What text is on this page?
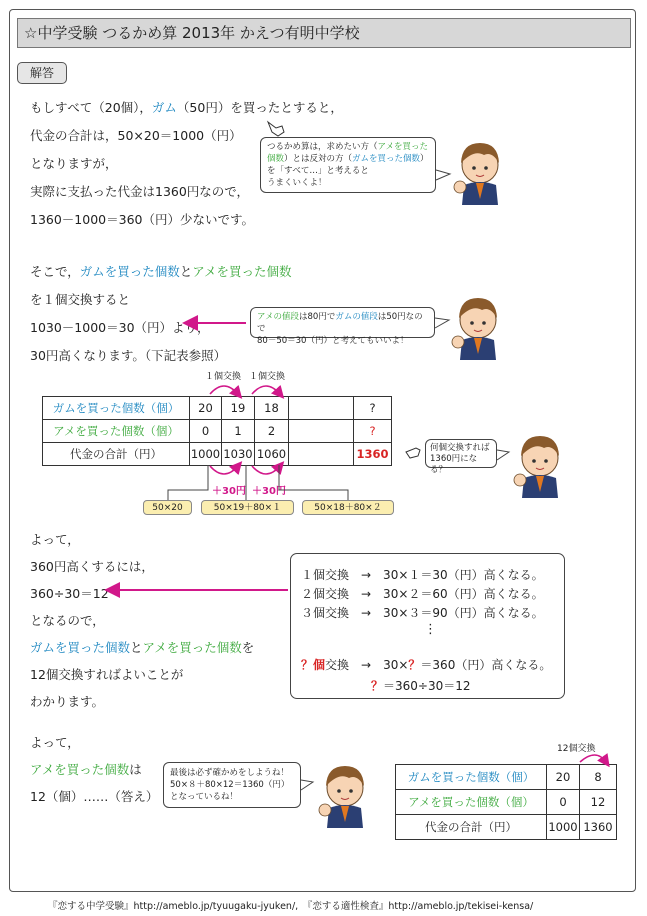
☆中学受験 つるかめ算 2013年 かえつ有明中学校
解答
もしすべて（20個），ガム（50円）を買ったとすると，
代金の合計は，50×20＝1000（円）
となりますが，
実際に支払った代金は1360円なので，
1360－1000＝360（円）少ないです。
つるかめ算は，求めたい方（アメを買った
個数）とは反対の方（ガムを買った個数）
を「すべて…」と考えると
うまくいくよ！
そこで，ガムを買った個数とアメを買った個数
を１個交換すると
1030－1000＝30（円）より，
30円高くなります。（下記表参照）
アメの値段は80円でガムの値段は50円なので
80－50＝30（円）と考えてもいいよ！
１個交換 １個交換
ガムを買った個数（個）	20	19	18		?
アメを買った個数（個）	0	1	2		?
代金の合計（円）	1000	1030	1060		1360
＋30円 ＋30円
何個交換すれば
1360円になる？
50×20	50×19＋80×１	50×18＋80×２
よって，
360円高くするには，
360÷30＝12
となるので，
ガムを買った個数とアメを買った個数を
12個交換すればよいことが
わかります。
１個交換　→　30×１＝30（円）高くなる。
２個交換　→　30×２＝60（円）高くなる。
３個交換　→　30×３＝90（円）高くなる。
⋮
？個交換　→　30×？＝360（円）高くなる。
？＝360÷30＝12
よって，
アメを買った個数は
12（個）……（答え）
最後は必ず確かめをしようね！
50×８＋80×12＝1360（円）
となっているね！
12個交換
ガムを買った個数（個）	20	8
アメを買った個数（個）	0	12
代金の合計（円）	1000	1360
『恋する中学受験』http://ameblo.jp/tyuugaku-jyuken/,　『恋する適性検査』http://ameblo.jp/tekisei-kensa/
